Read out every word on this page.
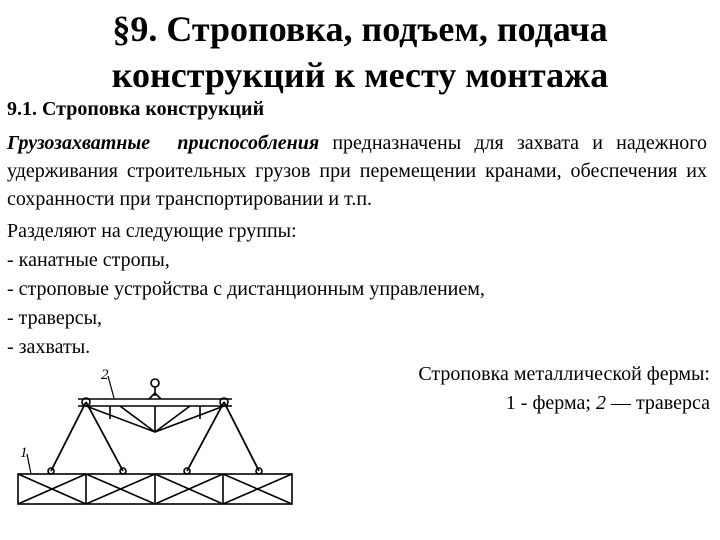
§9. Строповка, подъем, подача
конструкций к месту монтажа

9.1. Строповка конструкций

Грузозахватные приспособления предназначены для захвата и надежного удерживания строительных грузов при перемещении кранами, обеспечения их сохранности при транспортировании и т.п.

Разделяют на следующие группы:
- канатные стропы,
- строповые устройства с дистанционным управлением,
- траверсы,
- захваты.
Строповка металлической фермы:
1 - ферма; 2 — траверса
2
1
